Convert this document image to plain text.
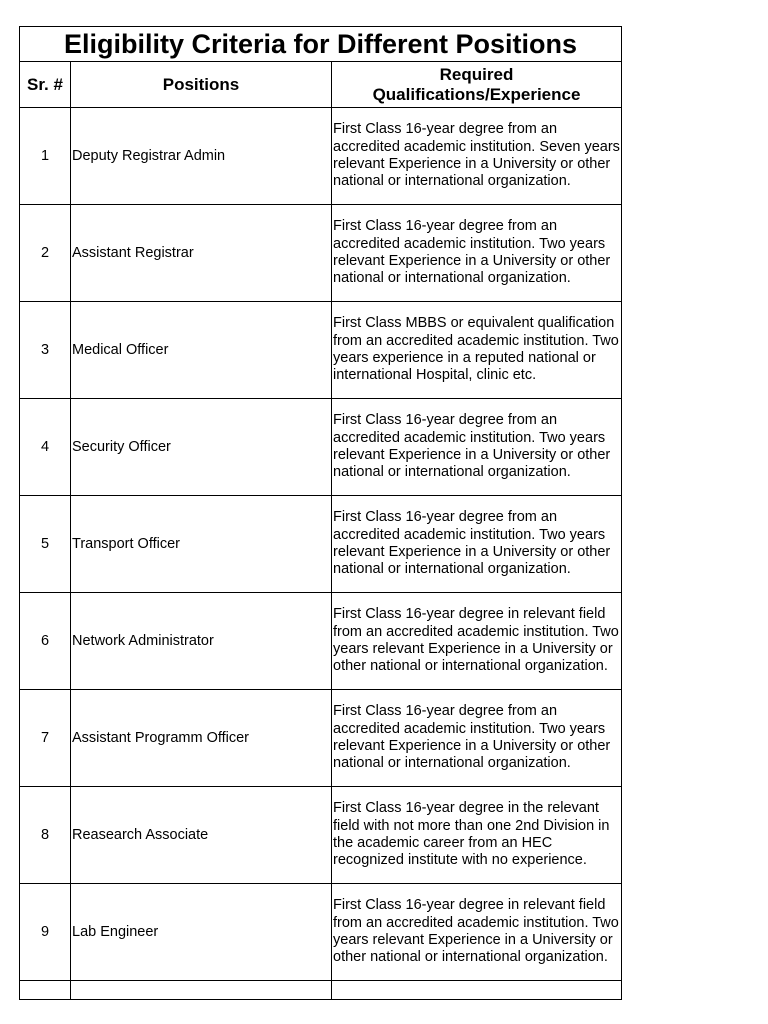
Eligibility Criteria for Different Positions		
Sr. #	Positions	Required
Qualifications/Experience
1	Deputy Registrar Admin	First Class 16-year degree from an accredited academic institution. Seven years relevant Experience in a University or other national or international organization.
2	Assistant Registrar	First Class 16-year degree from an accredited academic institution. Two years relevant Experience in a University or other national or international organization.
3	Medical Officer	First Class MBBS or equivalent qualification from an accredited academic institution. Two years experience in a reputed national or international Hospital, clinic etc.
4	Security Officer	First Class 16-year degree from an accredited academic institution. Two years relevant Experience in a University or other national or international organization.
5	Transport Officer	First Class 16-year degree from an accredited academic institution. Two years relevant Experience in a University or other national or international organization.
6	Network Administrator	First Class 16-year degree in relevant field from an accredited academic institution. Two years relevant Experience in a University or other national or international organization.
7	Assistant Programm Officer	First Class 16-year degree from an accredited academic institution. Two years relevant Experience in a University or other national or international organization.
8	Reasearch Associate	First Class 16-year degree in the relevant field with not more than one 2nd Division in the academic career from an HEC recognized institute with no experience.
9	Lab Engineer	First Class 16-year degree in relevant field from an accredited academic institution. Two years relevant Experience in a University or other national or international organization.
